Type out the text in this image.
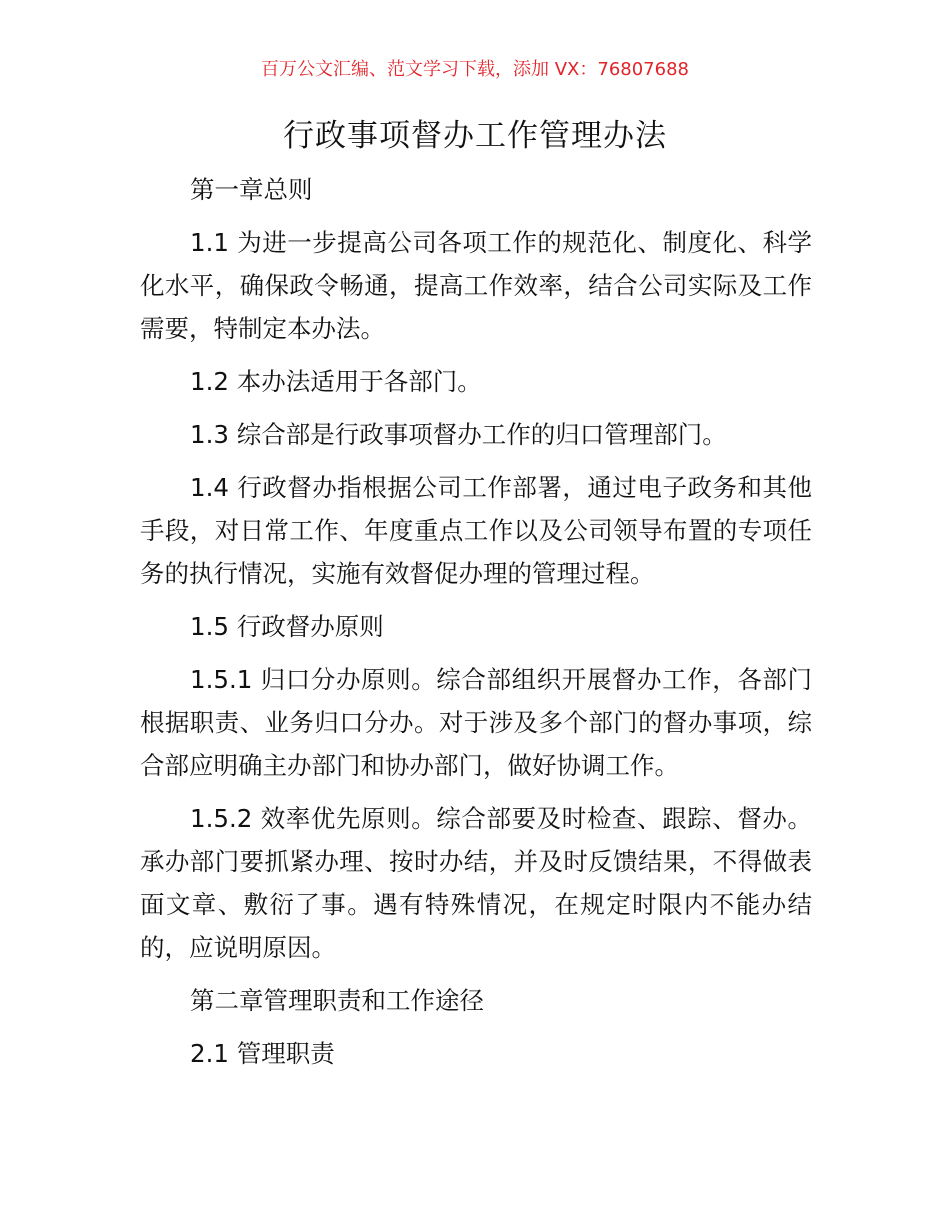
百万公文汇编、范文学习下载，添加 VX：76807688
行政事项督办工作管理办法
第一章总则
1.1 为进一步提高公司各项工作的规范化、制度化、科学
化水平，确保政令畅通，提高工作效率，结合公司实际及工作
需要，特制定本办法。
1.2 本办法适用于各部门。
1.3 综合部是行政事项督办工作的归口管理部门。
1.4 行政督办指根据公司工作部署，通过电子政务和其他
手段，对日常工作、年度重点工作以及公司领导布置的专项任
务的执行情况，实施有效督促办理的管理过程。
1.5 行政督办原则
1.5.1 归口分办原则。综合部组织开展督办工作，各部门
根据职责、业务归口分办。对于涉及多个部门的督办事项，综
合部应明确主办部门和协办部门，做好协调工作。
1.5.2 效率优先原则。综合部要及时检查、跟踪、督办。
承办部门要抓紧办理、按时办结，并及时反馈结果，不得做表
面文章、敷衍了事。遇有特殊情况，在规定时限内不能办结
的，应说明原因。
第二章管理职责和工作途径
2.1 管理职责
